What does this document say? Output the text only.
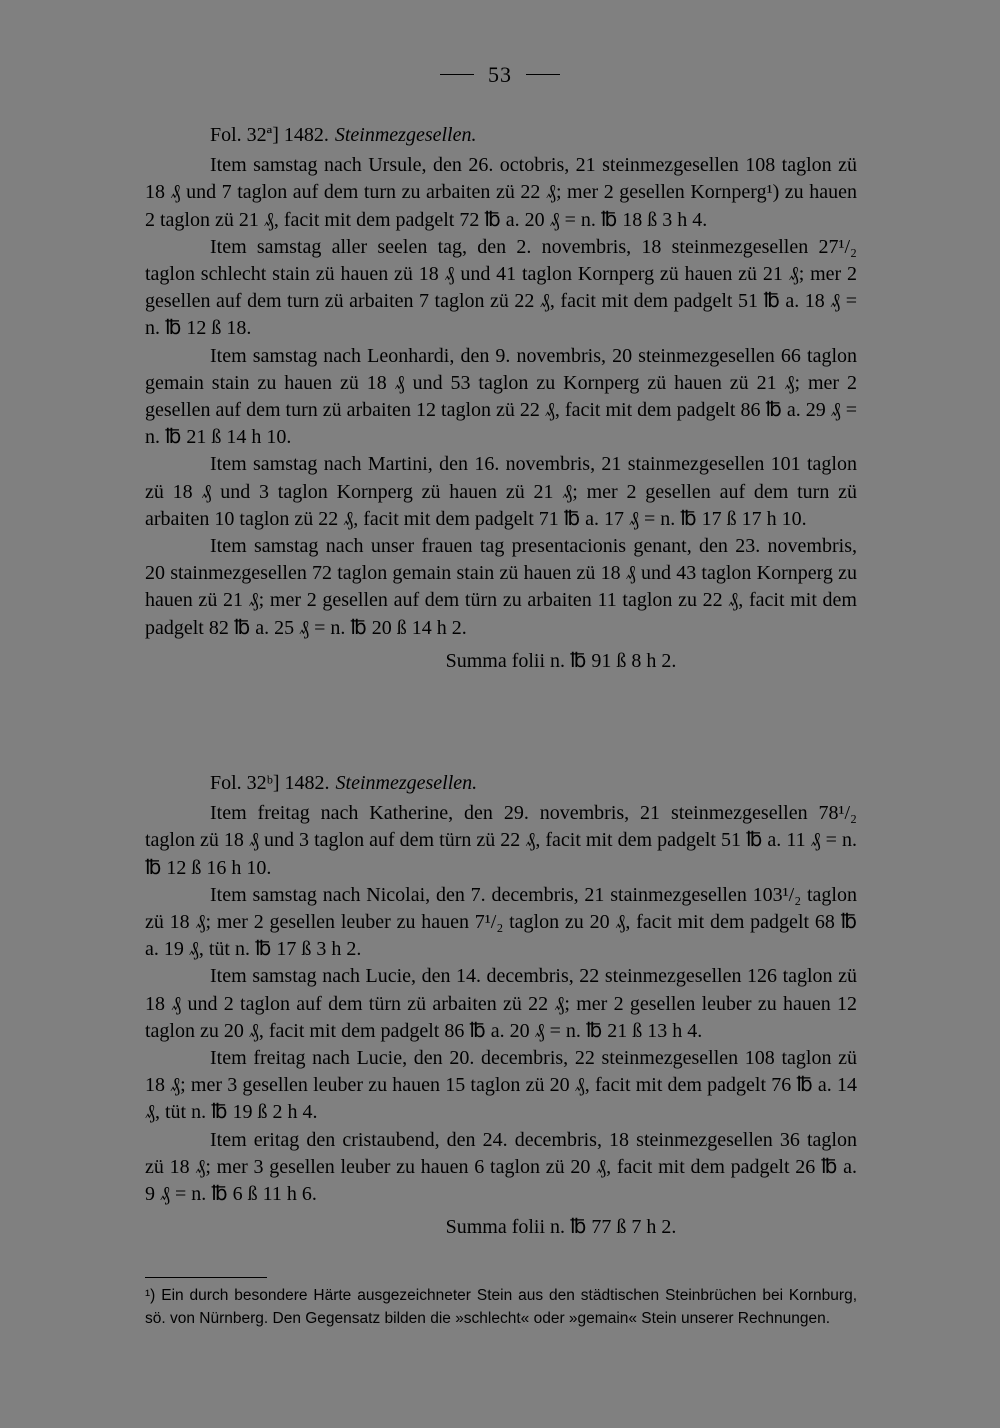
53
Fol. 32ª] 1482. Steinmezgesellen.

Item samstag nach Ursule, den 26. octobris, 21 steinmezgesellen 108 taglon zü 18 ₰ und 7 taglon auf dem turn zu arbaiten zü 22 ₰; mer 2 gesellen Kornperg¹) zu hauen 2 taglon zü 21 ₰, facit mit dem padgelt 72 ℔ a. 20 ₰ = n. ℔ 18 ß 3 h 4.

Item samstag aller seelen tag, den 2. novembris, 18 steinmezgesellen 27¹/₂ taglon schlecht stain zü hauen zü 18 ₰ und 41 taglon Kornperg zü hauen zü 21 ₰; mer 2 gesellen auf dem turn zü arbaiten 7 taglon zü 22 ₰, facit mit dem padgelt 51 ℔ a. 18 ₰ = n. ℔ 12 ß 18.

Item samstag nach Leonhardi, den 9. novembris, 20 steinmezgesellen 66 taglon gemain stain zu hauen zü 18 ₰ und 53 taglon zu Kornperg zü hauen zü 21 ₰; mer 2 gesellen auf dem turn zü arbaiten 12 taglon zü 22 ₰, facit mit dem padgelt 86 ℔ a. 29 ₰ = n. ℔ 21 ß 14 h 10.

Item samstag nach Martini, den 16. novembris, 21 stainmezgesellen 101 taglon zü 18 ₰ und 3 taglon Kornperg zü hauen zü 21 ₰; mer 2 gesellen auf dem turn zü arbaiten 10 taglon zü 22 ₰, facit mit dem padgelt 71 ℔ a. 17 ₰ = n. ℔ 17 ß 17 h 10.

Item samstag nach unser frauen tag presentacionis genant, den 23. novembris, 20 stainmezgesellen 72 taglon gemain stain zü hauen zü 18 ₰ und 43 taglon Kornperg zu hauen zü 21 ₰; mer 2 gesellen auf dem türn zu arbaiten 11 taglon zu 22 ₰, facit mit dem padgelt 82 ℔ a. 25 ₰ = n. ℔ 20 ß 14 h 2.

Summa folii n. ℔ 91 ß 8 h 2.

Fol. 32ᵇ] 1482. Steinmezgesellen.

Item freitag nach Katherine, den 29. novembris, 21 steinmezgesellen 78¹/₂ taglon zü 18 ₰ und 3 taglon auf dem türn zü 22 ₰, facit mit dem padgelt 51 ℔ a. 11 ₰ = n. ℔ 12 ß 16 h 10.

Item samstag nach Nicolai, den 7. decembris, 21 stainmezgesellen 103¹/₂ taglon zü 18 ₰; mer 2 gesellen leuber zu hauen 7¹/₂ taglon zu 20 ₰, facit mit dem padgelt 68 ℔ a. 19 ₰, tüt n. ℔ 17 ß 3 h 2.

Item samstag nach Lucie, den 14. decembris, 22 steinmezgesellen 126 taglon zü 18 ₰ und 2 taglon auf dem türn zü arbaiten zü 22 ₰; mer 2 gesellen leuber zu hauen 12 taglon zu 20 ₰, facit mit dem padgelt 86 ℔ a. 20 ₰ = n. ℔ 21 ß 13 h 4.

Item freitag nach Lucie, den 20. decembris, 22 steinmezgesellen 108 taglon zü 18 ₰; mer 3 gesellen leuber zu hauen 15 taglon zü 20 ₰, facit mit dem padgelt 76 ℔ a. 14 ₰, tüt n. ℔ 19 ß 2 h 4.

Item eritag den cristaubend, den 24. decembris, 18 steinmezgesellen 36 taglon zü 18 ₰; mer 3 gesellen leuber zu hauen 6 taglon zü 20 ₰, facit mit dem padgelt 26 ℔ a. 9 ₰ = n. ℔ 6 ß 11 h 6.

Summa folii n. ℔ 77 ß 7 h 2.

¹) Ein durch besondere Härte ausgezeichneter Stein aus den städtischen Steinbrüchen bei Kornburg, sö. von Nürnberg. Den Gegensatz bilden die »schlecht« oder »gemain« Stein unserer Rechnungen.
